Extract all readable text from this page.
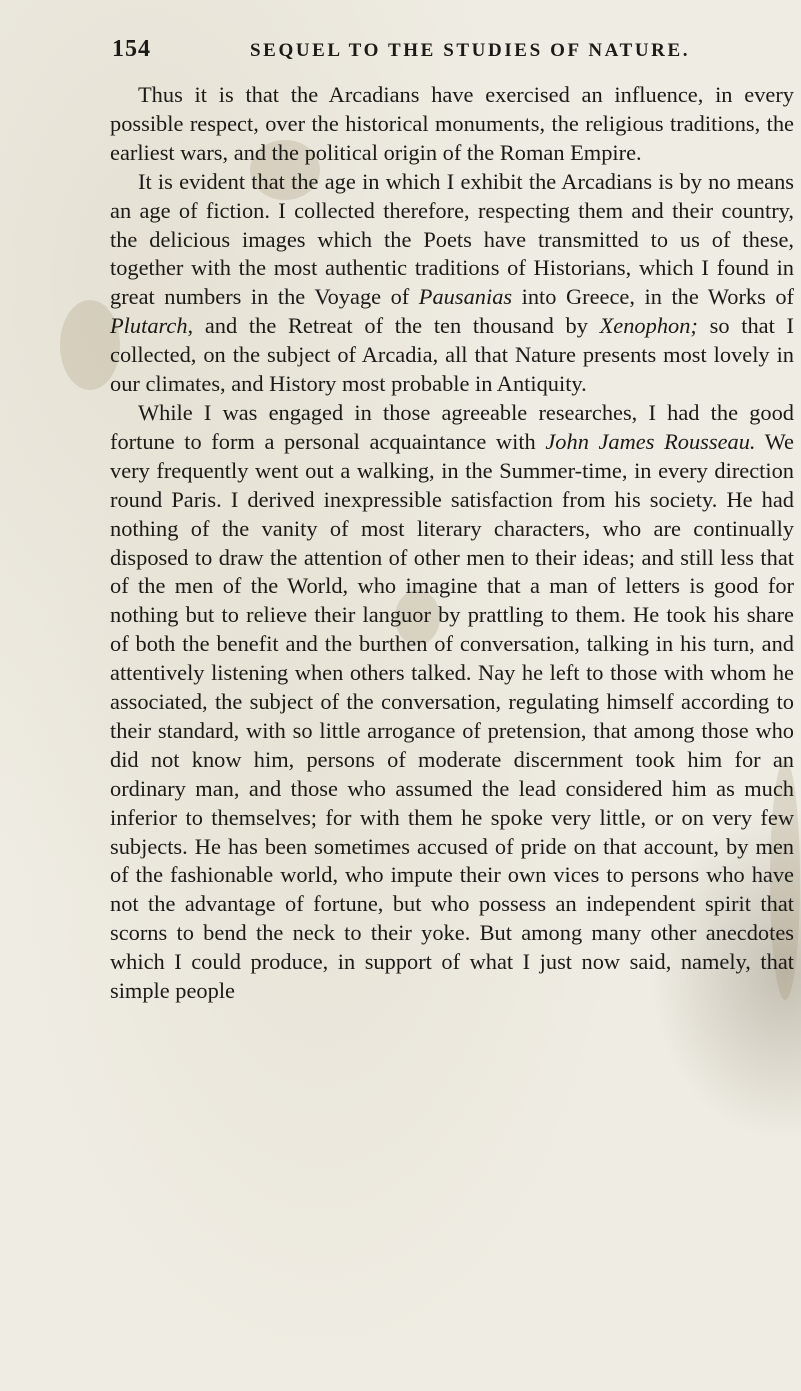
154	SEQUEL TO THE STUDIES OF NATURE.

Thus it is that the Arcadians have exercised an influence, in every possible respect, over the historical monuments, the religious traditions, the earliest wars, and the political origin of the Roman Empire.

It is evident that the age in which I exhibit the Arcadians is by no means an age of fiction. I collected therefore, respecting them and their country, the delicious images which the Poets have transmitted to us of these, together with the most authentic traditions of Historians, which I found in great numbers in the Voyage of Pausanias into Greece, in the Works of Plutarch, and the Retreat of the ten thousand by Xenophon; so that I collected, on the subject of Arcadia, all that Nature presents most lovely in our climates, and History most probable in Antiquity.

While I was engaged in those agreeable researches, I had the good fortune to form a personal acquaintance with John James Rousseau. We very frequently went out a walking, in the Summer-time, in every direction round Paris. I derived inexpressible satisfaction from his society. He had nothing of the vanity of most literary characters, who are continually disposed to draw the attention of other men to their ideas; and still less that of the men of the World, who imagine that a man of letters is good for nothing but to relieve their languor by prattling to them. He took his share of both the benefit and the burthen of conversation, talking in his turn, and attentively listening when others talked. Nay he left to those with whom he associated, the subject of the conversation, regulating himself according to their standard, with so little arrogance of pretension, that among those who did not know him, persons of moderate discernment took him for an ordinary man, and those who assumed the lead considered him as much inferior to themselves; for with them he spoke very little, or on very few subjects. He has been sometimes accused of pride on that account, by men of the fashionable world, who impute their own vices to persons who have not the advantage of fortune, but who possess an independent spirit that scorns to bend the neck to their yoke. But among many other anecdotes which I could produce, in support of what I just now said, namely, that simple people
